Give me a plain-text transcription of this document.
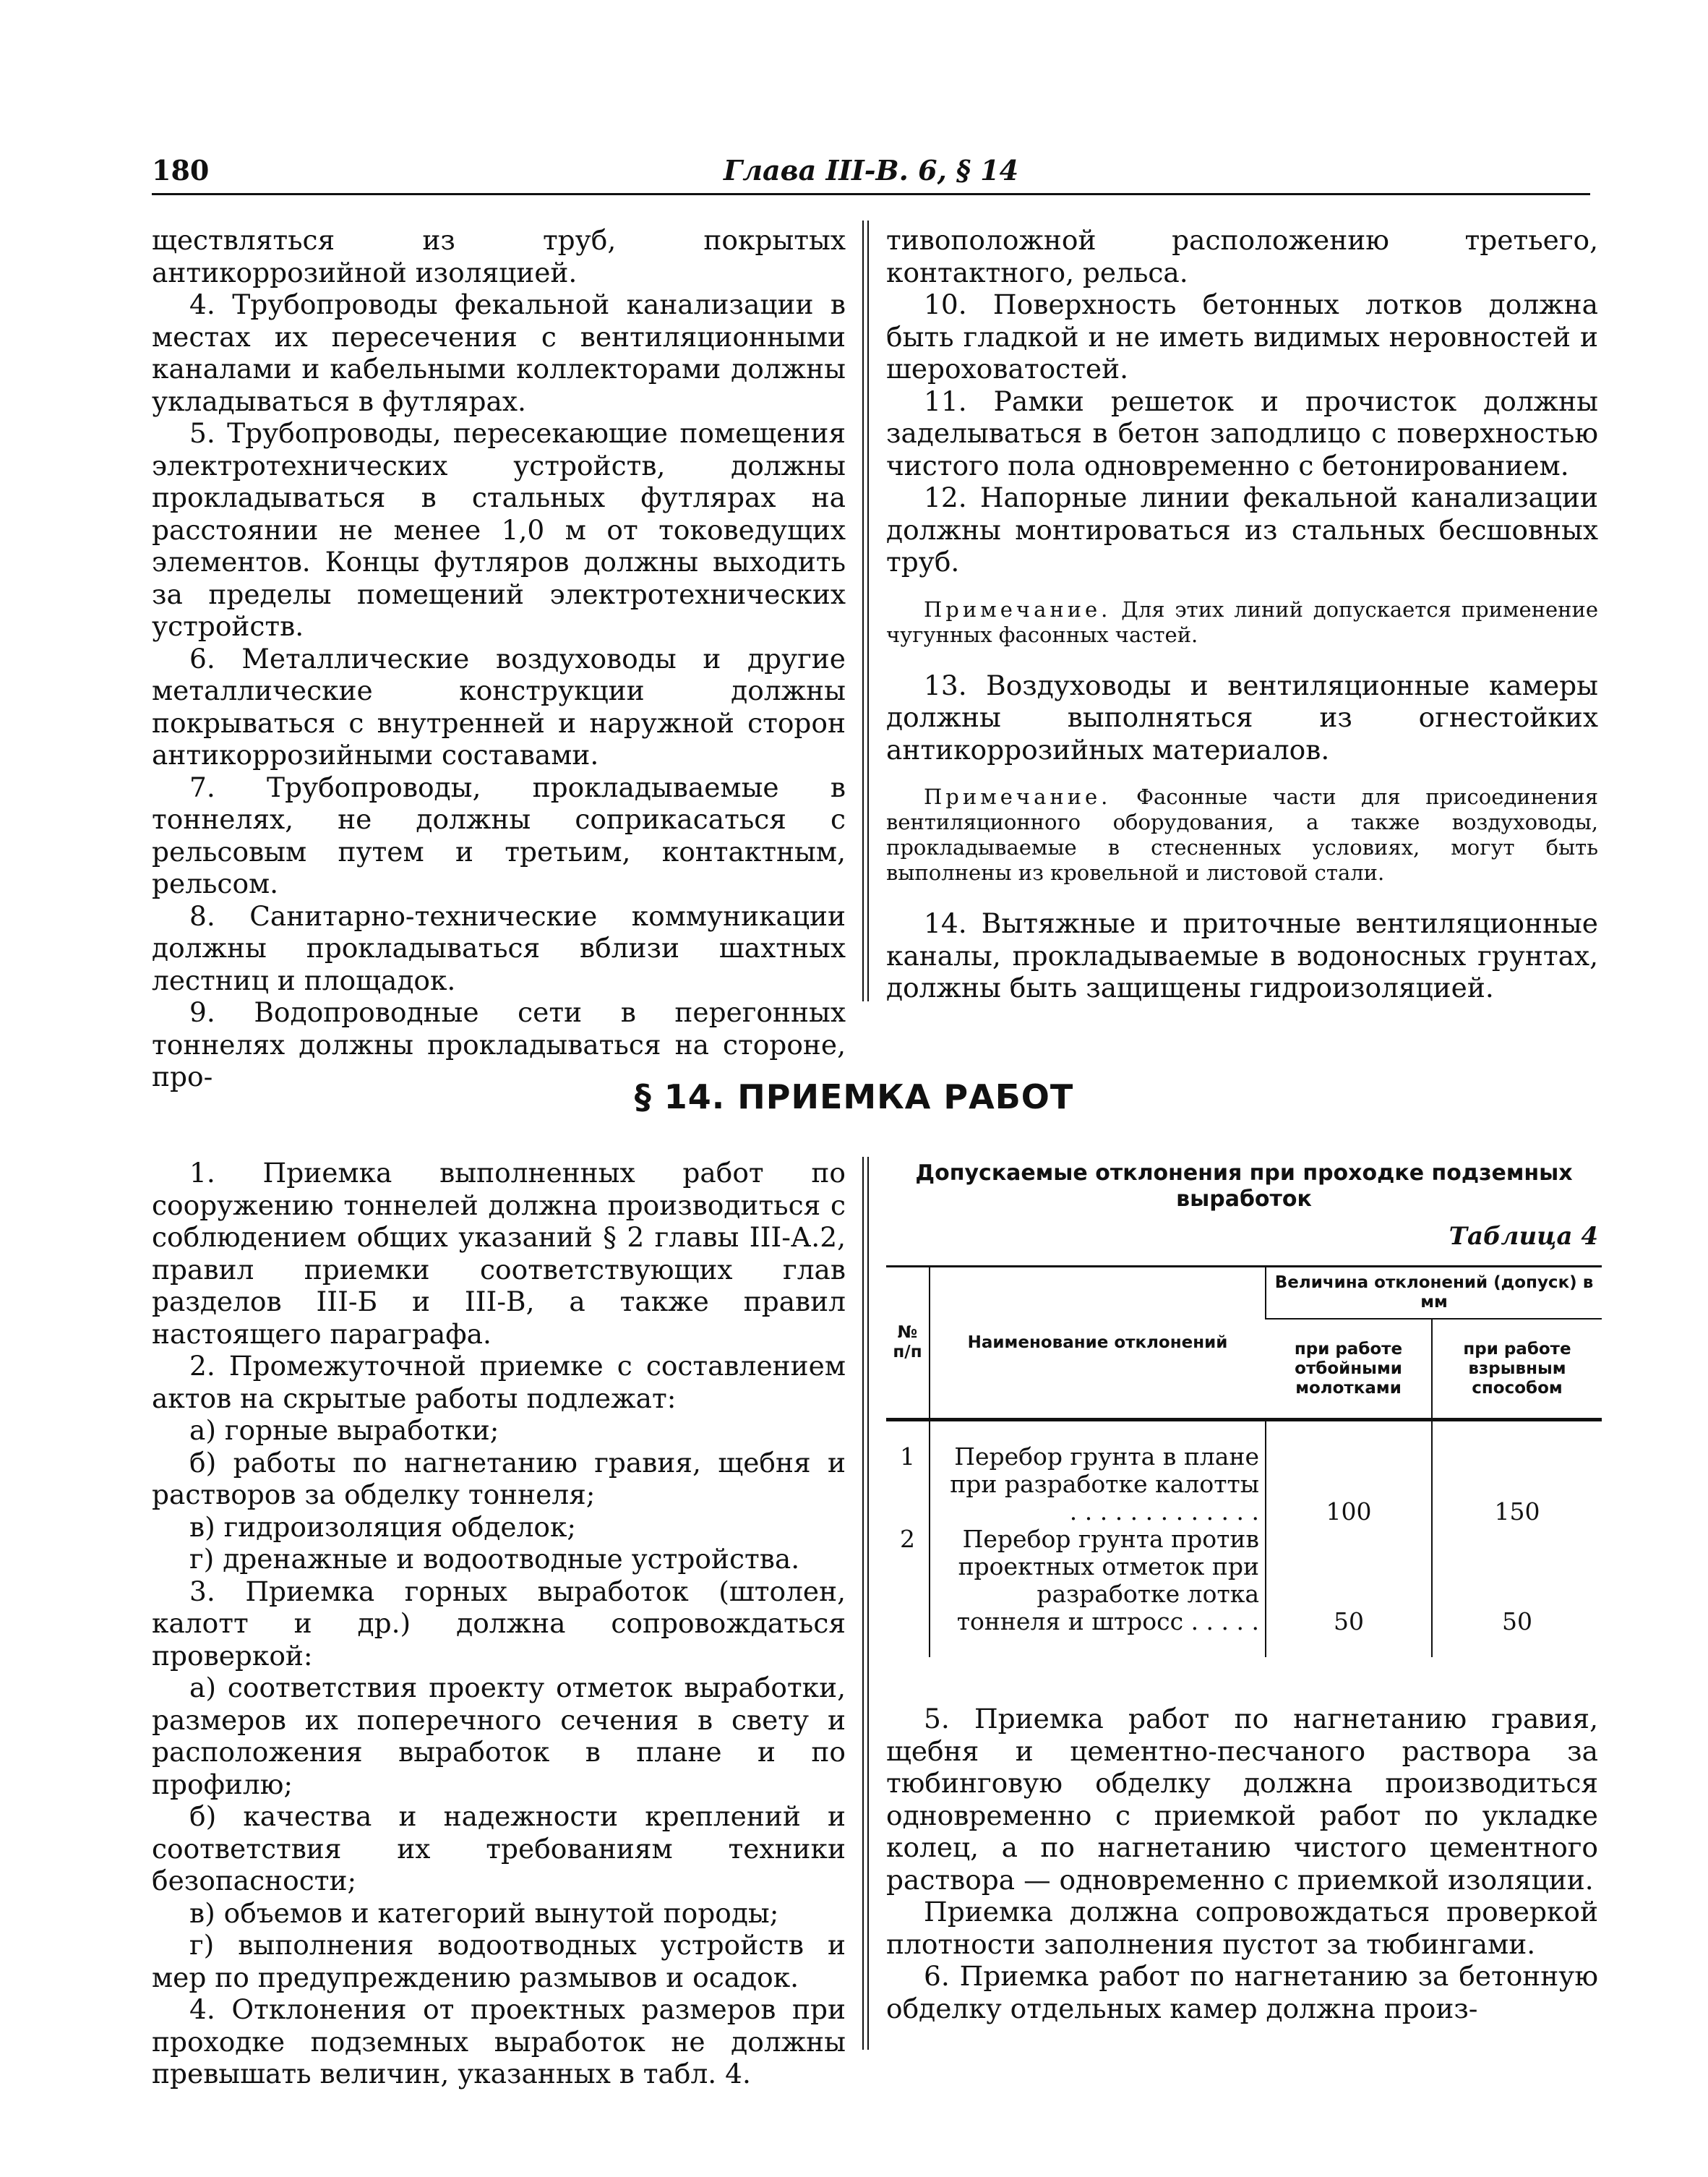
180	Глава III-В. 6, § 14

ществляться из труб, покрытых антикоррозийной изоляцией.

4. Трубопроводы фекальной канализации в местах их пересечения с вентиляционными каналами и кабельными коллекторами должны укладываться в футлярах.

5. Трубопроводы, пересекающие помещения электротехнических устройств, должны прокладываться в стальных футлярах на расстоянии не менее 1,0 м от токоведущих элементов. Концы футляров должны выходить за пределы помещений электротехнических устройств.

6. Металлические воздуховоды и другие металлические конструкции должны покрываться с внутренней и наружной сторон антикоррозийными составами.

7. Трубопроводы, прокладываемые в тоннелях, не должны соприкасаться с рельсовым путем и третьим, контактным, рельсом.

8. Санитарно-технические коммуникации должны прокладываться вблизи шахтных лестниц и площадок.

9. Водопроводные сети в перегонных тоннелях должны прокладываться на стороне, про-

тивоположной расположению третьего, контактного, рельса.

10. Поверхность бетонных лотков должна быть гладкой и не иметь видимых неровностей и шероховатостей.

11. Рамки решеток и прочисток должны заделываться в бетон заподлицо с поверхностью чистого пола одновременно с бетонированием.

12. Напорные линии фекальной канализации должны монтироваться из стальных бесшовных труб.

Примечание. Для этих линий допускается применение чугунных фасонных частей.

13. Воздуховоды и вентиляционные камеры должны выполняться из огнестойких антикоррозийных материалов.

Примечание. Фасонные части для присоединения вентиляционного оборудования, а также воздуховоды, прокладываемые в стесненных условиях, могут быть выполнены из кровельной и листовой стали.

14. Вытяжные и приточные вентиляционные каналы, прокладываемые в водоносных грунтах, должны быть защищены гидроизоляцией.

§ 14. ПРИЕМКА РАБОТ

1. Приемка выполненных работ по сооружению тоннелей должна производиться с соблюдением общих указаний § 2 главы III-А.2, правил приемки соответствующих глав разделов III-Б и III-В, а также правил настоящего параграфа.

2. Промежуточной приемке с составлением актов на скрытые работы подлежат:

а) горные выработки;

б) работы по нагнетанию гравия, щебня и растворов за обделку тоннеля;

в) гидроизоляция обделок;

г) дренажные и водоотводные устройства.

3. Приемка горных выработок (штолен, калотт и др.) должна сопровождаться проверкой:

а) соответствия проекту отметок выработки, размеров их поперечного сечения в свету и расположения выработок в плане и по профилю;

б) качества и надежности креплений и соответствия их требованиям техники безопасности;

в) объемов и категорий вынутой породы;

г) выполнения водоотводных устройств и мер по предупреждению размывов и осадок.

4. Отклонения от проектных размеров при проходке подземных выработок не должны превышать величин, указанных в табл. 4.

Допускаемые отклонения при проходке подземных выработок
Таблица 4
№ п/п	Наименование отклонений	Величина отклонений (допуск) в мм	
		при работе отбойными молотками	при работе взрывным способом
1	Перебор грунта в плане при разработке калотты . . . . . . . . . . . . .	100	150
2	Перебор грунта против проектных отметок при разработке лотка тоннеля и штросс . . . . .	50	50

5. Приемка работ по нагнетанию гравия, щебня и цементно-песчаного раствора за тюбинговую обделку должна производиться одновременно с приемкой работ по укладке колец, а по нагнетанию чистого цементного раствора — одновременно с приемкой изоляции.

Приемка должна сопровождаться проверкой плотности заполнения пустот за тюбингами.

6. Приемка работ по нагнетанию за бетонную обделку отдельных камер должна произ-
